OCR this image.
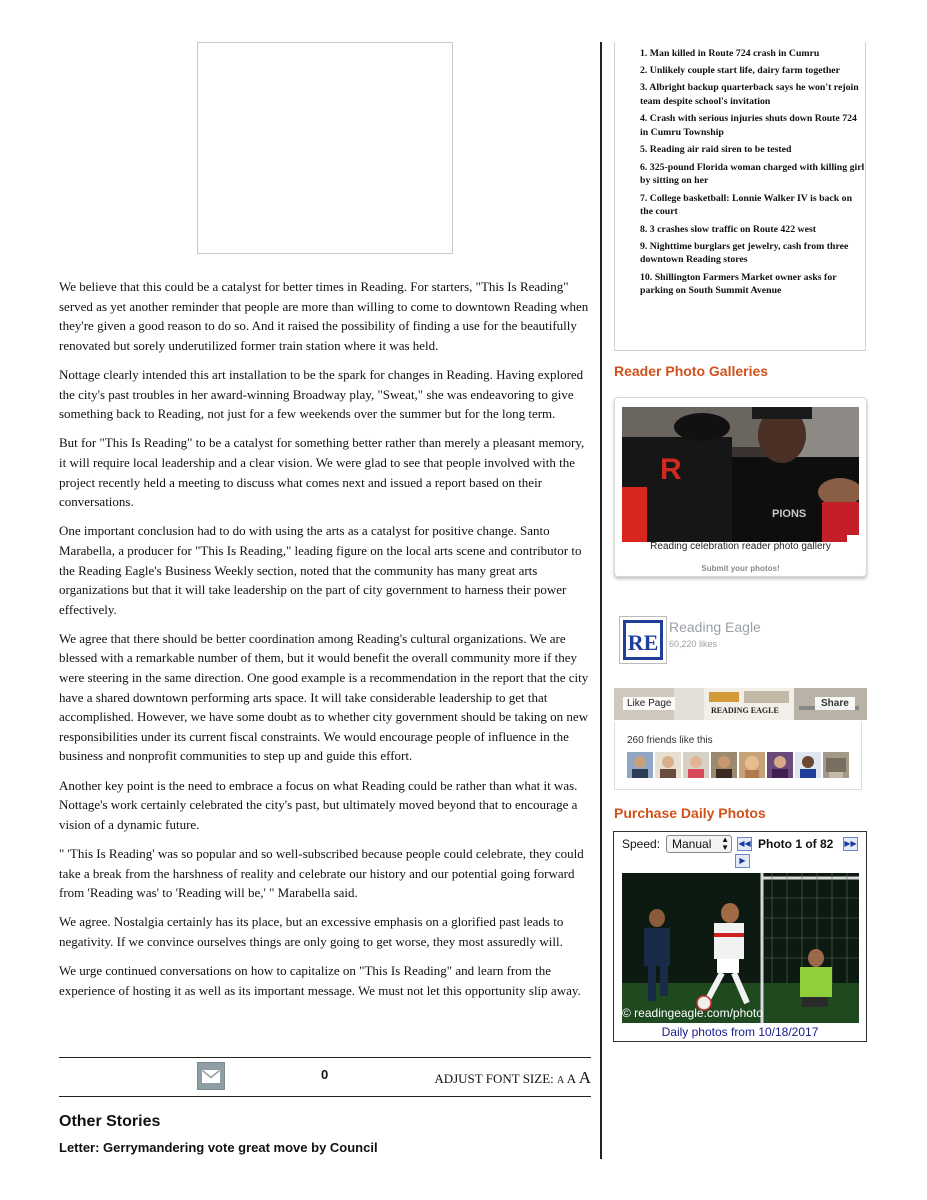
We believe that this could be a catalyst for better times in Reading. For starters, "This Is Reading" served as yet another reminder that people are more than willing to come to downtown Reading when they're given a good reason to do so. And it raised the possibility of finding a use for the beautifully renovated but sorely underutilized former train station where it was held.

Nottage clearly intended this art installation to be the spark for changes in Reading. Having explored the city's past troubles in her award-winning Broadway play, "Sweat," she was endeavoring to give something back to Reading, not just for a few weekends over the summer but for the long term.

But for "This Is Reading" to be a catalyst for something better rather than merely a pleasant memory, it will require local leadership and a clear vision. We were glad to see that people involved with the project recently held a meeting to discuss what comes next and issued a report based on their conversations.

One important conclusion had to do with using the arts as a catalyst for positive change. Santo Marabella, a producer for "This Is Reading," leading figure on the local arts scene and contributor to the Reading Eagle's Business Weekly section, noted that the community has many great arts organizations but that it will take leadership on the part of city government to harness their power effectively.

We agree that there should be better coordination among Reading's cultural organizations. We are blessed with a remarkable number of them, but it would benefit the overall community more if they were steering in the same direction. One good example is a recommendation in the report that the city have a shared downtown performing arts space. It will take considerable leadership to get that accomplished. However, we have some doubt as to whether city government should be taking on new responsibilities under its current fiscal constraints. We would encourage people of influence in the business and nonprofit communities to step up and guide this effort.

Another key point is the need to embrace a focus on what Reading could be rather than what it was. Nottage's work certainly celebrated the city's past, but ultimately moved beyond that to encourage a vision of a dynamic future.

" 'This Is Reading' was so popular and so well-subscribed because people could celebrate, they could take a break from the harshness of reality and celebrate our history and our potential going forward from 'Reading was' to 'Reading will be,' " Marabella said.

We agree. Nostalgia certainly has its place, but an excessive emphasis on a glorified past leads to negativity. If we convince ourselves things are only going to get worse, they most assuredly will.

We urge continued conversations on how to capitalize on "This Is Reading" and learn from the experience of hosting it as well as its important message. We must not let this opportunity slip away.

0	ADJUST FONT SIZE: A A A
Other Stories
Letter: Gerrymandering vote great move by Council
1. Man killed in Route 724 crash in Cumru
2. Unlikely couple start life, dairy farm together
3. Albright backup quarterback says he won't rejoin team despite school's invitation
4. Crash with serious injuries shuts down Route 724 in Cumru Township
5. Reading air raid siren to be tested
6. 325-pound Florida woman charged with killing girl by sitting on her
7. College basketball: Lonnie Walker IV is back on the court
8. 3 crashes slow traffic on Route 422 west
9. Nighttime burglars get jewelry, cash from three downtown Reading stores
10. Shillington Farmers Market owner asks for parking on South Summit Avenue
Reader Photo Galleries
R
PIONS
Reading celebration reader photo gallery
Submit your photos!
RE
Reading Eagle
60,220 likes
READING EAGLE
Like Page	Share
260 friends like this
Purchase Daily Photos
Speed: Manual ▲
▼ ◀◀ Photo 1 of 82 ▶▶
▶
© readingeagle.com/photo
Daily photos from 10/18/2017
